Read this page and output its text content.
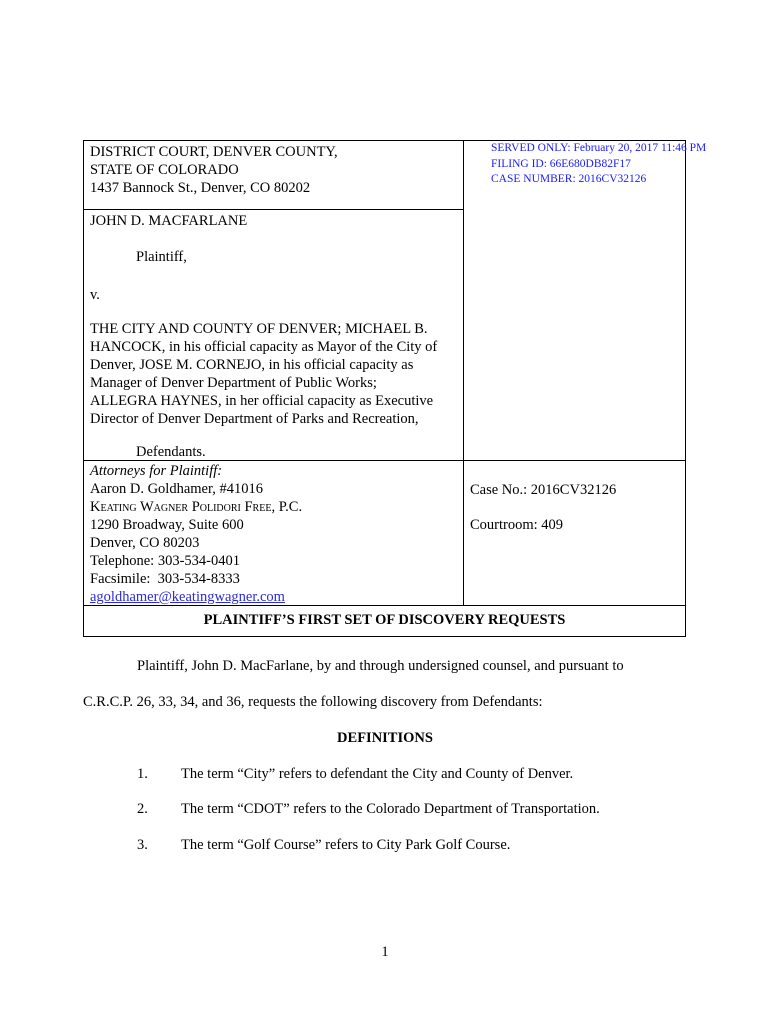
DISTRICT COURT, DENVER COUNTY,
STATE OF COLORADO
1437 Bannock St., Denver, CO 80202
SERVED ONLY: February 20, 2017 11:46 PM
FILING ID: 66E680DB82F17
CASE NUMBER: 2016CV32126
JOHN D. MACFARLANE
Plaintiff,
v.
THE CITY AND COUNTY OF DENVER; MICHAEL B.
HANCOCK, in his official capacity as Mayor of the City of
Denver, JOSE M. CORNEJO, in his official capacity as
Manager of Denver Department of Public Works;
ALLEGRA HAYNES, in her official capacity as Executive
Director of Denver Department of Parks and Recreation,
Defendants.
Attorneys for Plaintiff:
Aaron D. Goldhamer, #41016
Keating Wagner Polidori Free, P.C.
1290 Broadway, Suite 600
Denver, CO 80203
Telephone: 303-534-0401
Facsimile:  303-534-8333
agoldhamer@keatingwagner.com
Case No.: 2016CV32126
Courtroom: 409
PLAINTIFF’S FIRST SET OF DISCOVERY REQUESTS
Plaintiff, John D. MacFarlane, by and through undersigned counsel, and pursuant to
C.R.C.P. 26, 33, 34, and 36, requests the following discovery from Defendants:
DEFINITIONS
1. The term “City” refers to defendant the City and County of Denver.
2. The term “CDOT” refers to the Colorado Department of Transportation.
3. The term “Golf Course” refers to City Park Golf Course.
1
